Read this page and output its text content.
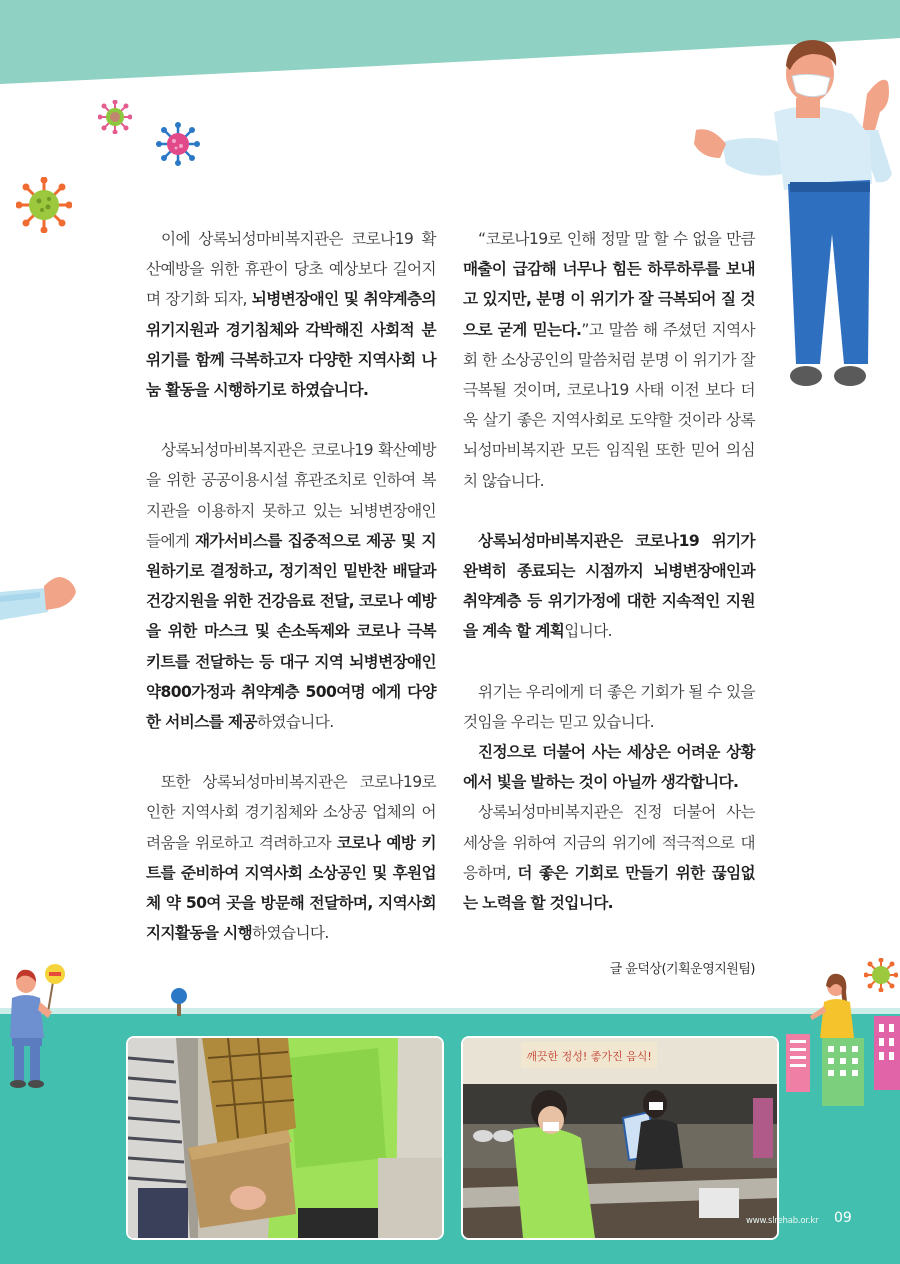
이에 상록뇌성마비복지관은 코로나19 확산예방을 위한 휴관이 당초 예상보다 길어지며 장기화 되자, 뇌병변장애인 및 취약계층의 위기지원과 경기침체와 각박해진 사회적 분위기를 함께 극복하고자 다양한 지역사회 나눔 활동을 시행하기로 하였습니다.

상록뇌성마비복지관은 코로나19 확산예방을 위한 공공이용시설 휴관조치로 인하여 복지관을 이용하지 못하고 있는 뇌병변장애인들에게 재가서비스를 집중적으로 제공 및 지원하기로 결정하고, 정기적인 밑반찬 배달과 건강지원을 위한 건강음료 전달, 코로나 예방을 위한 마스크 및 손소독제와 코로나 극복 키트를 전달하는 등 대구 지역 뇌병변장애인 약800가정과 취약계층 500여명 에게 다양한 서비스를 제공하였습니다.

또한 상록뇌성마비복지관은 코로나19로 인한 지역사회 경기침체와 소상공 업체의 어려움을 위로하고 격려하고자 코로나 예방 키트를 준비하여 지역사회 소상공인 및 후원업체 약 50여 곳을 방문해 전달하며, 지역사회 지지활동을 시행하였습니다.

“코로나19로 인해 정말 말 할 수 없을 만큼 매출이 급감해 너무나 힘든 하루하루를 보내고 있지만, 분명 이 위기가 잘 극복되어 질 것으로 굳게 믿는다.”고 말씀 해 주셨던 지역사회 한 소상공인의 말씀처럼 분명 이 위기가 잘 극복될 것이며, 코로나19 사태 이전 보다 더욱 살기 좋은 지역사회로 도약할 것이라 상록뇌성마비복지관 모든 임직원 또한 믿어 의심치 않습니다.

상록뇌성마비복지관은 코로나19 위기가 완벽히 종료되는 시점까지 뇌병변장애인과 취약계층 등 위기가정에 대한 지속적인 지원을 계속 할 계획입니다.

위기는 우리에게 더 좋은 기회가 될 수 있을 것임을 우리는 믿고 있습니다.

진정으로 더불어 사는 세상은 어려운 상황에서 빛을 발하는 것이 아닐까 생각합니다.

상록뇌성마비복지관은 진정 더불어 사는 세상을 위하여 지금의 위기에 적극적으로 대응하며, 더 좋은 기회로 만들기 위한 끊임없는 노력을 할 것입니다.

글 윤덕상(기획운영지원팀)
깨끗한 정성! 좋가진 음식!
www.slrehab.or.kr 09
